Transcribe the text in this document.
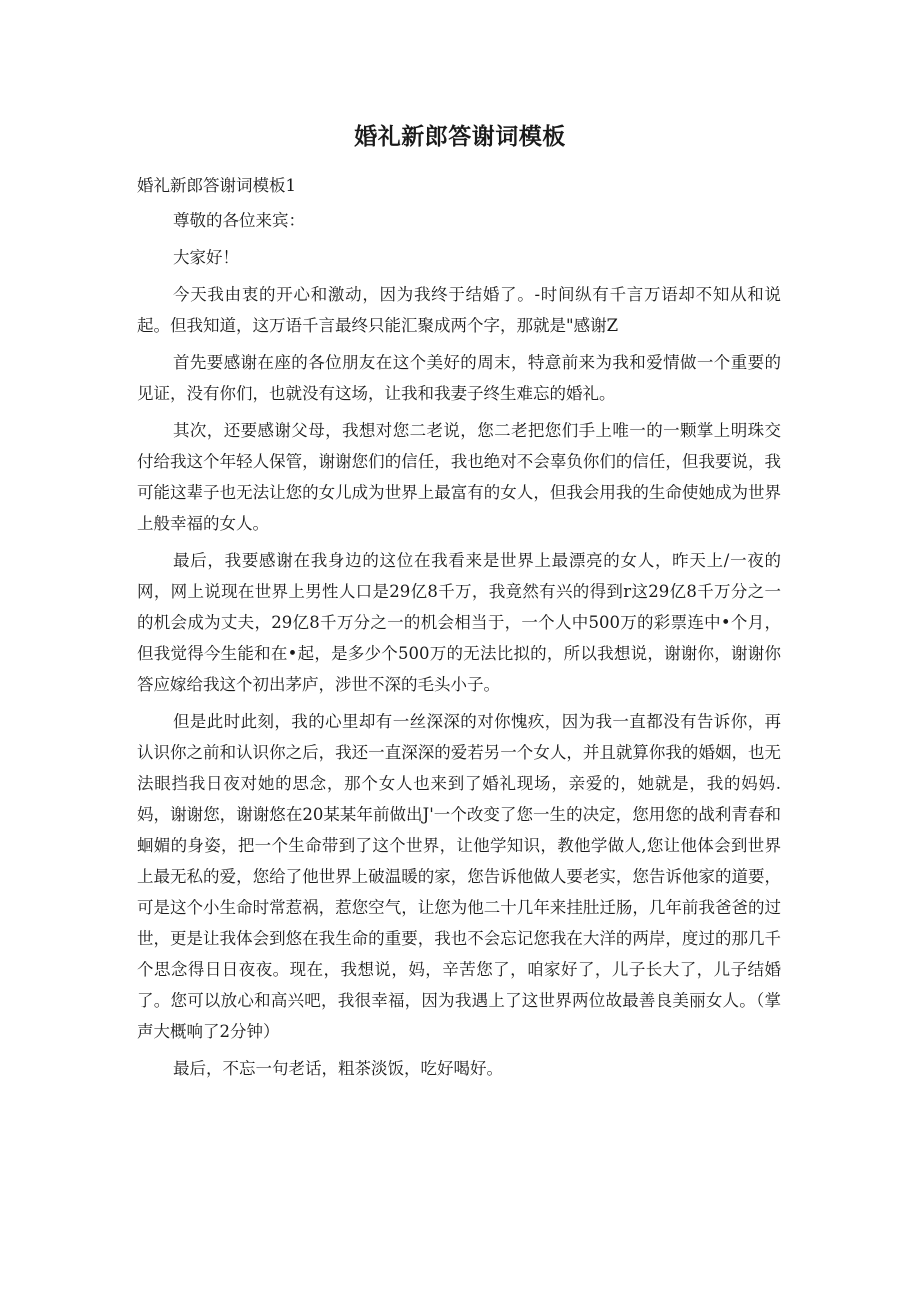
婚礼新郎答谢词模板

婚礼新郎答谢词模板1

尊敬的各位来宾：

大家好！

今天我由衷的开心和激动，因为我终于结婚了。-时间纵有千言万语却不知从和说起。但我知道，这万语千言最终只能汇聚成两个字，那就是"感谢Z

首先要感谢在座的各位朋友在这个美好的周末，特意前来为我和爱情做一个重要的见证，没有你们，也就没有这场，让我和我妻子终生难忘的婚礼。

其次，还要感谢父母，我想对您二老说，您二老把您们手上唯一的一颗掌上明珠交付给我这个年轻人保管，谢谢您们的信任，我也绝对不会辜负你们的信任，但我要说，我可能这辈子也无法让您的女儿成为世界上最富有的女人，但我会用我的生命使她成为世界上般幸福的女人。

最后，我要感谢在我身边的这位在我看来是世界上最漂亮的女人，昨天上/一夜的网，网上说现在世界上男性人口是29亿8千万，我竟然有兴的得到r这29亿8千万分之一的机会成为丈夫，29亿8千万分之一的机会相当于，一个人中500万的彩票连中•个月，但我觉得今生能和在•起，是多少个500万的无法比拟的，所以我想说，谢谢你，谢谢你答应嫁给我这个初出茅庐，涉世不深的毛头小子。

但是此时此刻，我的心里却有一丝深深的对你愧疚，因为我一直都没有告诉你，再认识你之前和认识你之后，我还一直深深的爱若另一个女人，并且就算你我的婚姻，也无法眼挡我日夜对她的思念，那个女人也来到了婚礼现场，亲爱的，她就是，我的妈妈.妈，谢谢您，谢谢悠在20某某年前做出J'一个改变了您一生的决定，您用您的战利青春和蛔媚的身姿，把一个生命带到了这个世界，让他学知识，教他学做人,您让他体会到世界上最无私的爱，您给了他世界上破温暖的家，您告诉他做人要老实，您告诉他家的道要，可是这个小生命时常惹祸，惹您空气，让您为他二十几年来挂肚迁肠，几年前我爸爸的过世，更是让我体会到悠在我生命的重要，我也不会忘记您我在大洋的两岸，度过的那几千个思念得日日夜夜。现在，我想说，妈，辛苦您了，咱家好了，儿子长大了，儿子结婚了。您可以放心和高兴吧，我很幸福，因为我遇上了这世界两位故最善良美丽女人。（掌声大概响了2分钟）

最后，不忘一句老话，粗茶淡饭，吃好喝好。
